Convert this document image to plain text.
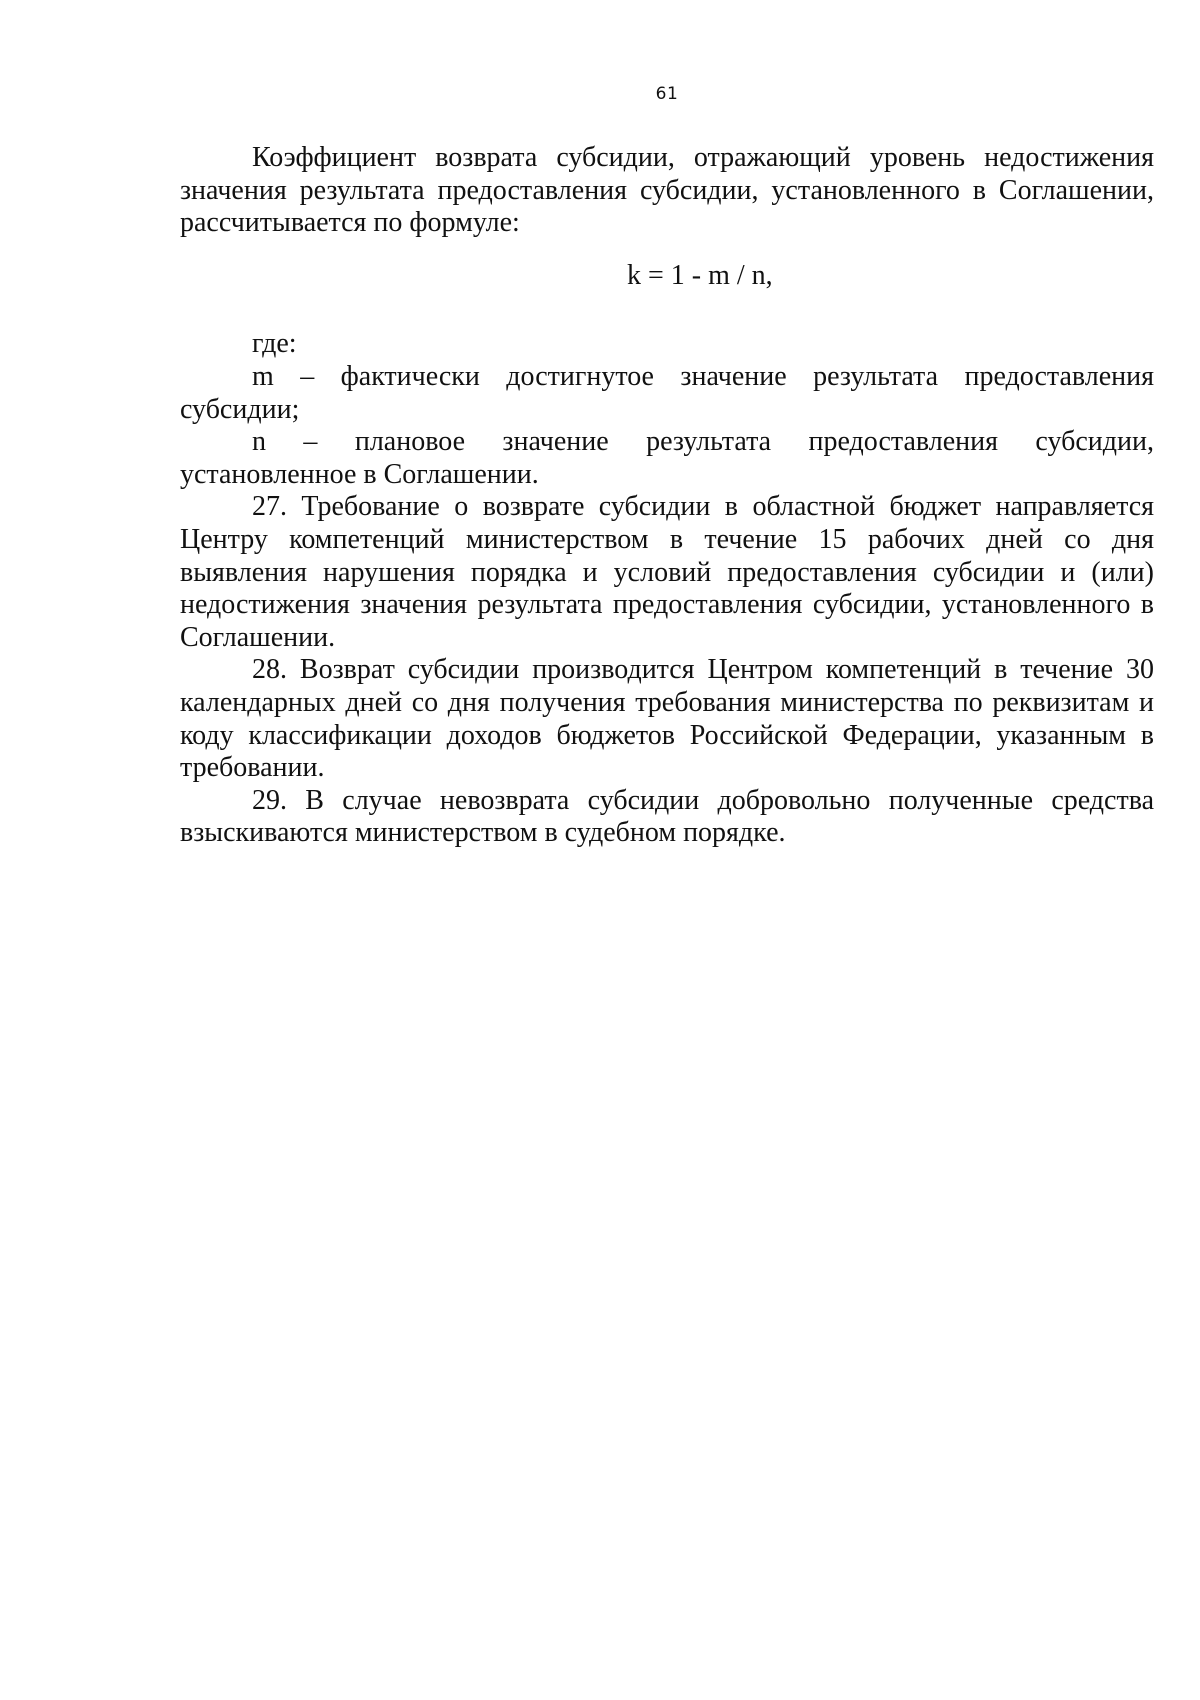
61

Коэффициент возврата субсидии, отражающий уровень недостижения значения результата предоставления субсидии, установленного в Соглашении, рассчитывается по формуле:

k = 1 - m / n,

где:

m – фактически достигнутое значение результата предоставления субсидии;

n – плановое значение результата предоставления субсидии, установленное в Соглашении.

27. Требование о возврате субсидии в областной бюджет направляется Центру компетенций министерством в течение 15 рабочих дней со дня выявления нарушения порядка и условий предоставления субсидии и (или) недостижения значения результата предоставления субсидии, установленного в Соглашении.

28. Возврат субсидии производится Центром компетенций в течение 30 календарных дней со дня получения требования министерства по реквизитам и коду классификации доходов бюджетов Российской Федерации, указанным в требовании.

29. В случае невозврата субсидии добровольно полученные средства взыскиваются министерством в судебном порядке.
